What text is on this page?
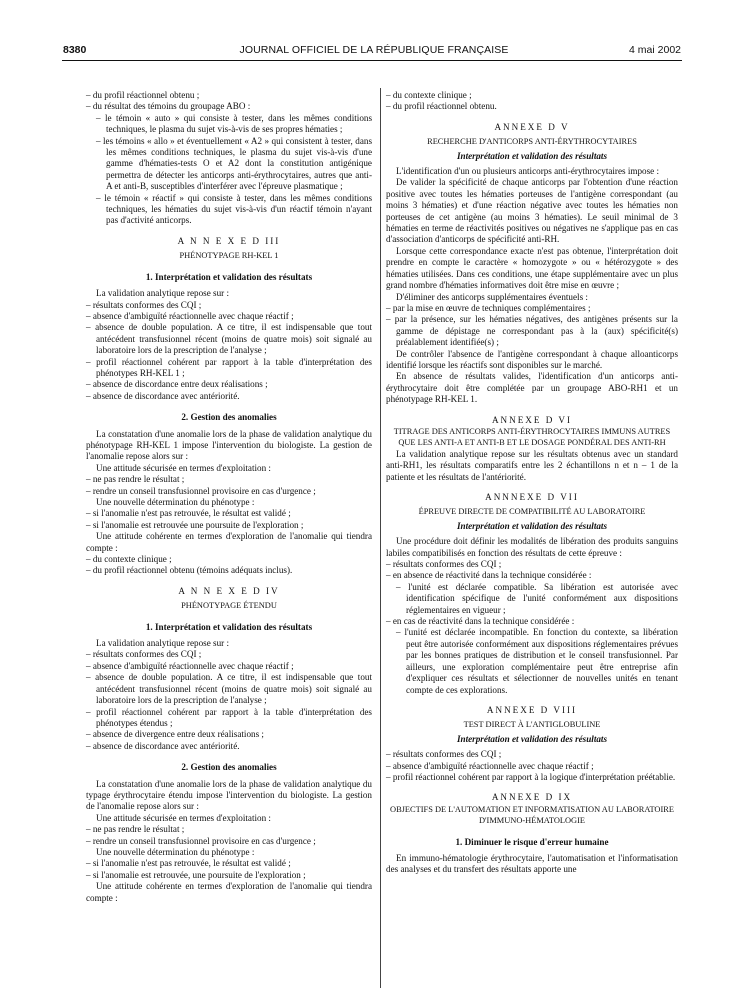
8380	JOURNAL OFFICIEL DE LA RÉPUBLIQUE FRANÇAISE	4 mai 2002

– du profil réactionnel obtenu ;

– du résultat des témoins du groupage ABO :

– le témoin « auto » qui consiste à tester, dans les mêmes conditions techniques, le plasma du sujet vis-à-vis de ses propres hématies ;

– les témoins « allo » et éventuellement « A2 » qui consistent à tester, dans les mêmes conditions techniques, le plasma du sujet vis-à-vis d'une gamme d'hématies-tests O et A2 dont la constitution antigénique permettra de détecter les anticorps anti-érythrocytaires, autres que anti-A et anti-B, susceptibles d'interférer avec l'épreuve plasmatique ;

– le témoin « réactif » qui consiste à tester, dans les mêmes conditions techniques, les hématies du sujet vis-à-vis d'un réactif témoin n'ayant pas d'activité anticorps.

A N N E X E D III

PHÉNOTYPAGE RH-KEL 1

1. Interprétation et validation des résultats

La validation analytique repose sur :

– résultats conformes des CQI ;

– absence d'ambiguïté réactionnelle avec chaque réactif ;

– absence de double population. A ce titre, il est indispensable que tout antécédent transfusionnel récent (moins de quatre mois) soit signalé au laboratoire lors de la prescription de l'analyse ;

– profil réactionnel cohérent par rapport à la table d'interprétation des phénotypes RH-KEL 1 ;

– absence de discordance entre deux réalisations ;

– absence de discordance avec antériorité.

2. Gestion des anomalies

La constatation d'une anomalie lors de la phase de validation analytique du phénotypage RH-KEL 1 impose l'intervention du biologiste. La gestion de l'anomalie repose alors sur :

Une attitude sécurisée en termes d'exploitation :

– ne pas rendre le résultat ;

– rendre un conseil transfusionnel provisoire en cas d'urgence ;

Une nouvelle détermination du phénotype :

– si l'anomalie n'est pas retrouvée, le résultat est validé ;

– si l'anomalie est retrouvée une poursuite de l'exploration ;

Une attitude cohérente en termes d'exploration de l'anomalie qui tiendra compte :

– du contexte clinique ;

– du profil réactionnel obtenu (témoins adéquats inclus).

A N N E X E D IV

PHÉNOTYPAGE ÉTENDU

1. Interprétation et validation des résultats

La validation analytique repose sur :

– résultats conformes des CQI ;

– absence d'ambiguïté réactionnelle avec chaque réactif ;

– absence de double population. A ce titre, il est indispensable que tout antécédent transfusionnel récent (moins de quatre mois) soit signalé au laboratoire lors de la prescription de l'analyse ;

– profil réactionnel cohérent par rapport à la table d'interprétation des phénotypes étendus ;

– absence de divergence entre deux réalisations ;

– absence de discordance avec antériorité.

2. Gestion des anomalies

La constatation d'une anomalie lors de la phase de validation analytique du typage érythrocytaire étendu impose l'intervention du biologiste. La gestion de l'anomalie repose alors sur :

Une attitude sécurisée en termes d'exploitation :

– ne pas rendre le résultat ;

– rendre un conseil transfusionnel provisoire en cas d'urgence ;

Une nouvelle détermination du phénotype :

– si l'anomalie n'est pas retrouvée, le résultat est validé ;

– si l'anomalie est retrouvée, une poursuite de l'exploration ;

Une attitude cohérente en termes d'exploration de l'anomalie qui tiendra compte :

– du contexte clinique ;

– du profil réactionnel obtenu.

ANNEXE D V

RECHERCHE D'ANTICORPS ANTI-ÉRYTHROCYTAIRES

Interprétation et validation des résultats

L'identification d'un ou plusieurs anticorps anti-érythrocytaires impose :

De valider la spécificité de chaque anticorps par l'obtention d'une réaction positive avec toutes les hématies porteuses de l'antigène correspondant (au moins 3 hématies) et d'une réaction négative avec toutes les hématies non porteuses de cet antigène (au moins 3 hématies). Le seuil minimal de 3 hématies en terme de réactivités positives ou négatives ne s'applique pas en cas d'association d'anticorps de spécificité anti-RH.

Lorsque cette correspondance exacte n'est pas obtenue, l'interprétation doit prendre en compte le caractère « homozygote » ou « hétérozygote » des hématies utilisées. Dans ces conditions, une étape supplémentaire avec un plus grand nombre d'hématies informatives doit être mise en œuvre ;

D'éliminer des anticorps supplémentaires éventuels :

– par la mise en œuvre de techniques complémentaires ;

– par la présence, sur les hématies négatives, des antigènes présents sur la gamme de dépistage ne correspondant pas à la (aux) spécificité(s) préalablement identifiée(s) ;

De contrôler l'absence de l'antigène correspondant à chaque alloanticorps identifié lorsque les réactifs sont disponibles sur le marché.

En absence de résultats valides, l'identification d'un anticorps anti-érythrocytaire doit être complétée par un groupage ABO-RH1 et un phénotypage RH-KEL 1.

ANNEXE D VI

TITRAGE DES ANTICORPS ANTI-ÉRYTHROCYTAIRES IMMUNS AUTRES QUE LES ANTI-A ET ANTI-B ET LE DOSAGE PONDÉRAL DES ANTI-RH

La validation analytique repose sur les résultats obtenus avec un standard anti-RH1, les résultats comparatifs entre les 2 échantillons n et n – 1 de la patiente et les résultats de l'antériorité.

ANNNEXE D VII

ÉPREUVE DIRECTE DE COMPATIBILITÉ AU LABORATOIRE

Interprétation et validation des résultats

Une procédure doit définir les modalités de libération des produits sanguins labiles compatibilisés en fonction des résultats de cette épreuve :

– résultats conformes des CQI ;

– en absence de réactivité dans la technique considérée :

– l'unité est déclarée compatible. Sa libération est autorisée avec identification spécifique de l'unité conformément aux dispositions réglementaires en vigueur ;

– en cas de réactivité dans la technique considérée :

– l'unité est déclarée incompatible. En fonction du contexte, sa libération peut être autorisée conformément aux dispositions réglementaires prévues par les bonnes pratiques de distribution et le conseil transfusionnel. Par ailleurs, une exploration complémentaire peut être entreprise afin d'expliquer ces résultats et sélectionner de nouvelles unités en tenant compte de ces explorations.

ANNEXE D VIII

TEST DIRECT À L'ANTIGLOBULINE

Interprétation et validation des résultats

– résultats conformes des CQI ;

– absence d'ambiguïté réactionnelle avec chaque réactif ;

– profil réactionnel cohérent par rapport à la logique d'interprétation préétablie.

ANNEXE D IX

OBJECTIFS DE L'AUTOMATION ET INFORMATISATION AU LABORATOIRE D'IMMUNO-HÉMATOLOGIE

1. Diminuer le risque d'erreur humaine

En immuno-hématologie érythrocytaire, l'automatisation et l'informatisation des analyses et du transfert des résultats apporte une
